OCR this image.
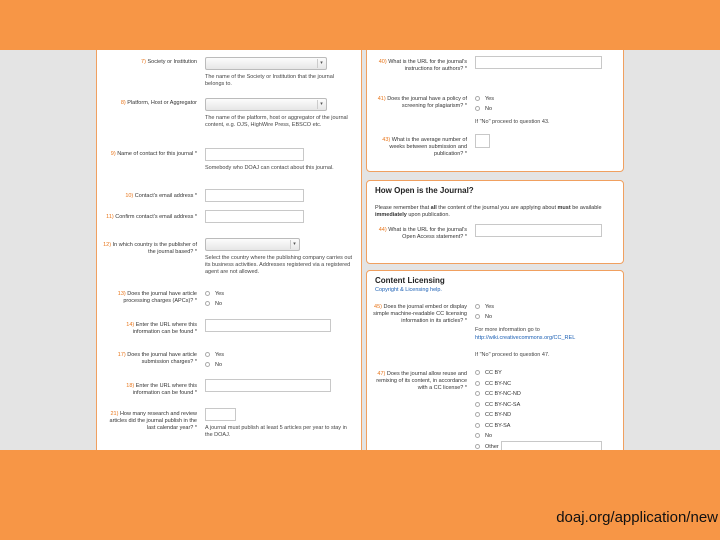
7) Society or Institution	▾
The name of the Society or Institution that the journal belongs to.
8) Platform, Host or Aggregator	▾
The name of the platform, host or aggregator of the journal content, e.g. OJS, HighWire Press, EBSCO etc.
9) Name of contact for this journal *
Somebody who DOAJ can contact about this journal.
10) Contact's email address *
11) Confirm contact's email address *
12) In which country is the publisher of the journal based? *
▾
Select the country where the publishing company carries out its business activities. Addresses registered via a registered agent are not allowed.
13) Does the journal have article processing charges (APCs)? *
Yes
No
14) Enter the URL where this information can be found *
17) Does the journal have article submission charges? *
Yes
No
18) Enter the URL where this information can be found *
21) How many research and review articles did the journal publish in the last calendar year? * A journal must publish at least 5 articles per year to stay in the DOAJ.
40) What is the URL for the journal's instructions for authors? *
41) Does the journal have a policy of screening for plagiarism? *
Yes
No
If "No" proceed to question 43.
43) What is the average number of weeks between submission and publication? *
How Open is the Journal?
Please remember that all the content of the journal you are applying about must be available immediately upon publication.
44) What is the URL for the journal's Open Access statement? *
Content Licensing
Copyright & Licensing help.
45) Does the journal embed or display simple machine-readable CC licensing information in its articles? *
Yes
No
For more information go to
http://wiki.creativecommons.org/CC_REL
If "No" proceed to question 47.
47) Does the journal allow reuse and remixing of its content, in accordance with a CC license? *
CC BY
CC BY-NC
CC BY-NC-ND
CC BY-NC-SA
CC BY-ND
CC BY-SA
No
Other
doaj.org/application/new
